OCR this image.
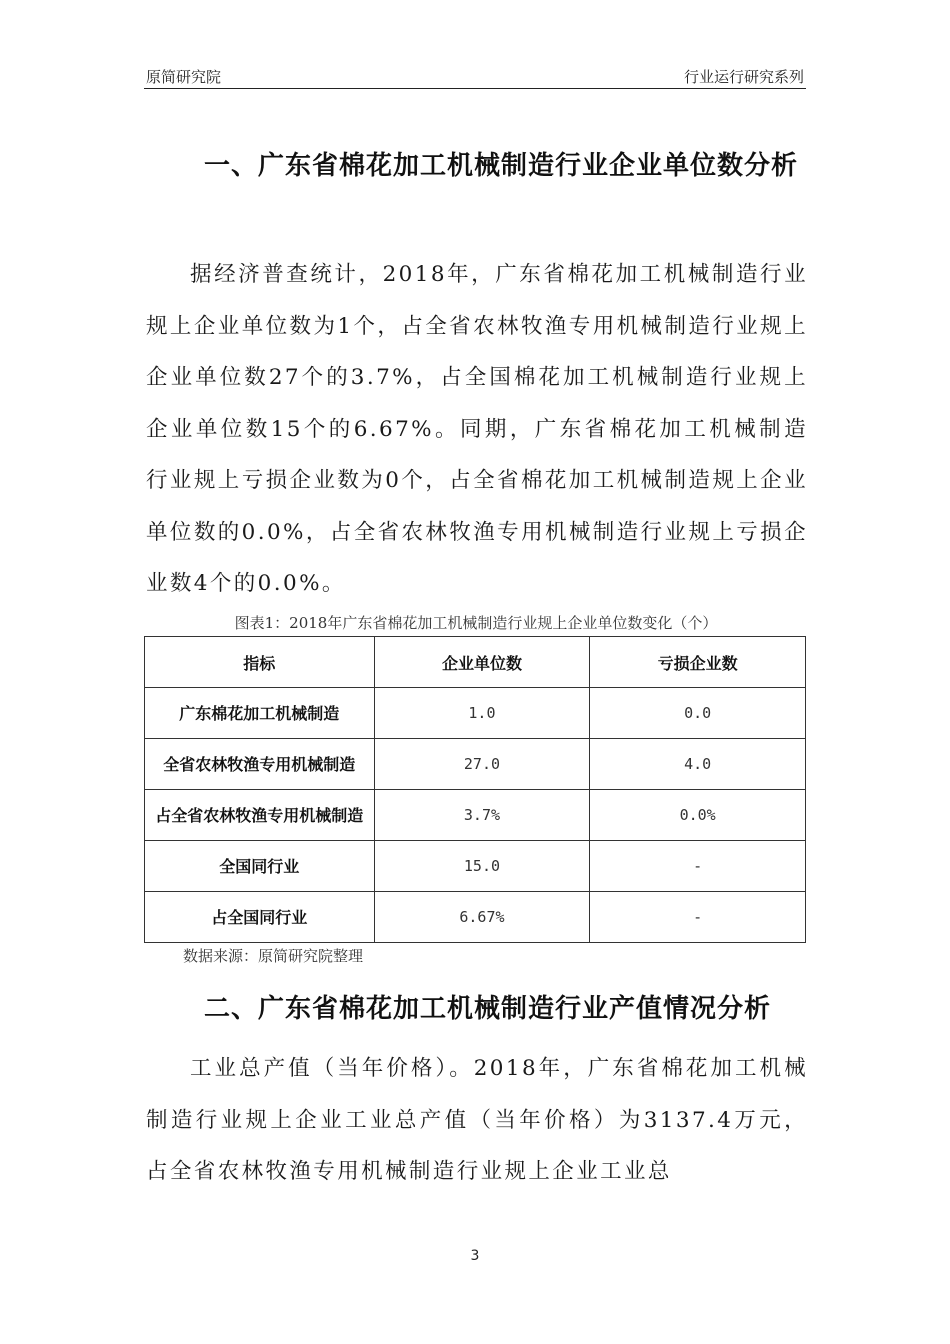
原简研究院	行业运行研究系列
一、广东省棉花加工机械制造行业企业单位数分析

据经济普查统计，2018年，广东省棉花加工机械制造行业规上企业单位数为1个，占全省农林牧渔专用机械制造行业规上企业单位数27个的3.7%，占全国棉花加工机械制造行业规上企业单位数15个的6.67%。同期，广东省棉花加工机械制造行业规上亏损企业数为0个，占全省棉花加工机械制造规上企业单位数的0.0%，占全省农林牧渔专用机械制造行业规上亏损企业数4个的0.0%。

图表1：2018年广东省棉花加工机械制造行业规上企业单位数变化（个）
指标	企业单位数	亏损企业数
广东棉花加工机械制造	1.0	0.0
全省农林牧渔专用机械制造	27.0	4.0
占全省农林牧渔专用机械制造	3.7%	0.0%
全国同行业	15.0	-
占全国同行业	6.67%	-
数据来源：原简研究院整理
二、广东省棉花加工机械制造行业产值情况分析

工业总产值（当年价格）。2018年，广东省棉花加工机械制造行业规上企业工业总产值（当年价格）为3137.4万元，占全省农林牧渔专用机械制造行业规上企业工业总

3
